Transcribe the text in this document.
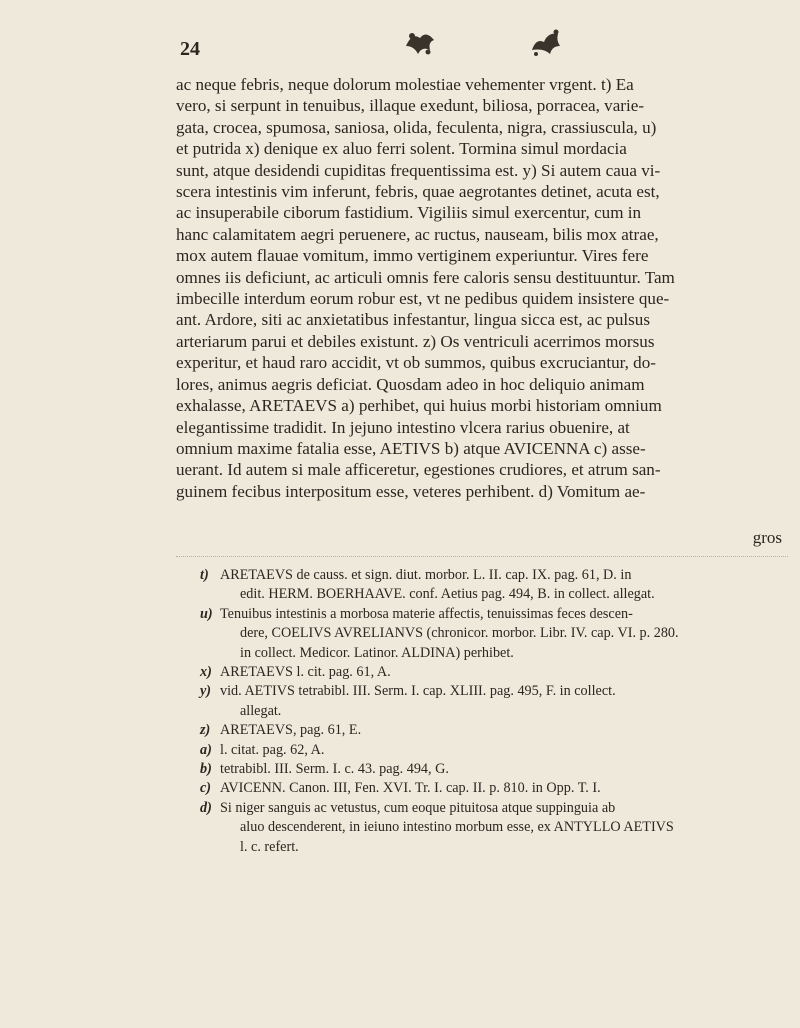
24
ac neque febris, neque dolorum molestiae vehementer vrgent. t) Ea
vero, si serpunt in tenuibus, illaque exedunt, biliosa, porracea, varie-
gata, crocea, spumosa, saniosa, olida, feculenta, nigra, crassiuscula, u)
et putrida x) denique ex aluo ferri solent. Tormina simul mordacia
sunt, atque desidendi cupiditas frequentissima est. y) Si autem caua vi-
scera intestinis vim inferunt, febris, quae aegrotantes detinet, acuta est,
ac insuperabile ciborum fastidium. Vigiliis simul exercentur, cum in
hanc calamitatem aegri peruenere, ac ructus, nauseam, bilis mox atrae,
mox autem flauae vomitum, immo vertiginem experiuntur. Vires fere
omnes iis deficiunt, ac articuli omnis fere caloris sensu destituuntur. Tam
imbecille interdum eorum robur est, vt ne pedibus quidem insistere que-
ant. Ardore, siti ac anxietatibus infestantur, lingua sicca est, ac pulsus
arteriarum parui et debiles existunt. z) Os ventriculi acerrimos morsus
experitur, et haud raro accidit, vt ob summos, quibus excruciantur, do-
lores, animus aegris deficiat. Quosdam adeo in hoc deliquio animam
exhalasse, ARETAEVS a) perhibet, qui huius morbi historiam omnium
elegantissime tradidit. In jejuno intestino vlcera rarius obuenire, at
omnium maxime fatalia esse, AETIVS b) atque AVICENNA c) asse-
uerant. Id autem si male afficeretur, egestiones crudiores, et atrum san-
guinem fecibus interpositum esse, veteres perhibent. d) Vomitum ae-
gros
t) ARETAEVS de causs. et sign. diut. morbor. L. II. cap. IX. pag. 61, D. in
edit. HERM. BOERHAAVE. conf. Aetius pag. 494, B. in collect. allegat.
u) Tenuibus intestinis a morbosa materie affectis, tenuissimas feces descen-
dere, COELIVS AVRELIANVS (chronicor. morbor. Libr. IV. cap. VI. p. 280.
in collect. Medicor. Latinor. ALDINA) perhibet.
x) ARETAEVS l. cit. pag. 61, A.
y) vid. AETIVS tetrabibl. III. Serm. I. cap. XLIII. pag. 495, F. in collect.
allegat.
z) ARETAEVS, pag. 61, E.
a) l. citat. pag. 62, A.
b) tetrabibl. III. Serm. I. c. 43. pag. 494, G.
c) AVICENN. Canon. III, Fen. XVI. Tr. I. cap. II. p. 810. in Opp. T. I.
d) Si niger sanguis ac vetustus, cum eoque pituitosa atque suppinguia ab
aluo descenderent, in ieiuno intestino morbum esse, ex ANTYLLO AETIVS
l. c. refert.
